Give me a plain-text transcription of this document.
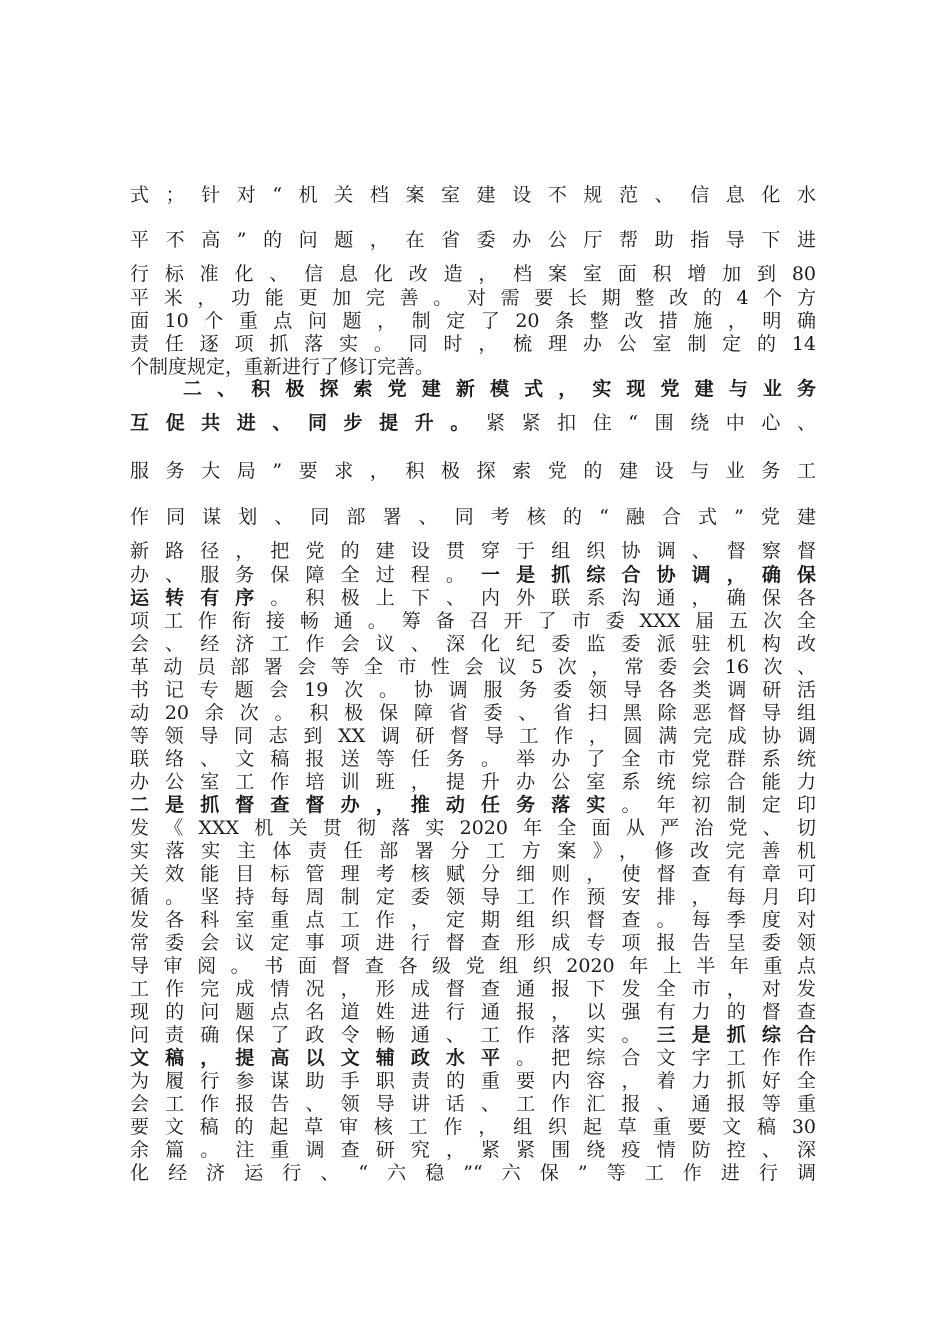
式；针对“机关档案室建设不规范、信息化水
平不高”的问题，在省委办公厅帮助指导下进
行标准化、信息化改造，档案室面积增加到80
平米，功能更加完善。对需要长期整改的4个方
面10个重点问题，制定了20条整改措施，明确
责任逐项抓落实。同时，梳理办公室制定的14
个制度规定，重新进行了修订完善。
二、积极探索党建新模式，实现党建与业务
互促共进、同步提升。紧紧扣住“围绕中心、
服务大局”要求，积极探索党的建设与业务工
作同谋划、同部署、同考核的“融合式”党建
新路径，把党的建设贯穿于组织协调、督察督
办、服务保障全过程。一是抓综合协调，确保
运转有序。积极上下、内外联系沟通，确保各
项工作衔接畅通。筹备召开了市委XXX届五次全
会、经济工作会议、深化纪委监委派驻机构改
革动员部署会等全市性会议5次，常委会16次、
书记专题会19次。协调服务委领导各类调研活
动20余次。积极保障省委、省扫黑除恶督导组
等领导同志到XX调研督导工作，圆满完成协调
联络、文稿报送等任务。举办了全市党群系统
办公室工作培训班，提升办公室系统综合能力
二是抓督查督办，推动任务落实。年初制定印
发《XXX机关贯彻落实2020年全面从严治党、切
实落实主体责任部署分工方案》，修改完善机
关效能目标管理考核赋分细则，使督查有章可
循。坚持每周制定委领导工作预安排，每月印
发各科室重点工作，定期组织督查。每季度对
常委会议定事项进行督查形成专项报告呈委领
导审阅。书面督查各级党组织2020年上半年重点
工作完成情况，形成督查通报下发全市，对发
现的问题点名道姓进行通报，以强有力的督查
问责确保了政令畅通、工作落实。三是抓综合
文稿，提高以文辅政水平。把综合文字工作作
为履行参谋助手职责的重要内容，着力抓好全
会工作报告、领导讲话、工作汇报、通报等重
要文稿的起草审核工作，组织起草重要文稿30
余篇。注重调查研究，紧紧围绕疫情防控、深
化经济运行、“六稳”“六保”等工作进行调
